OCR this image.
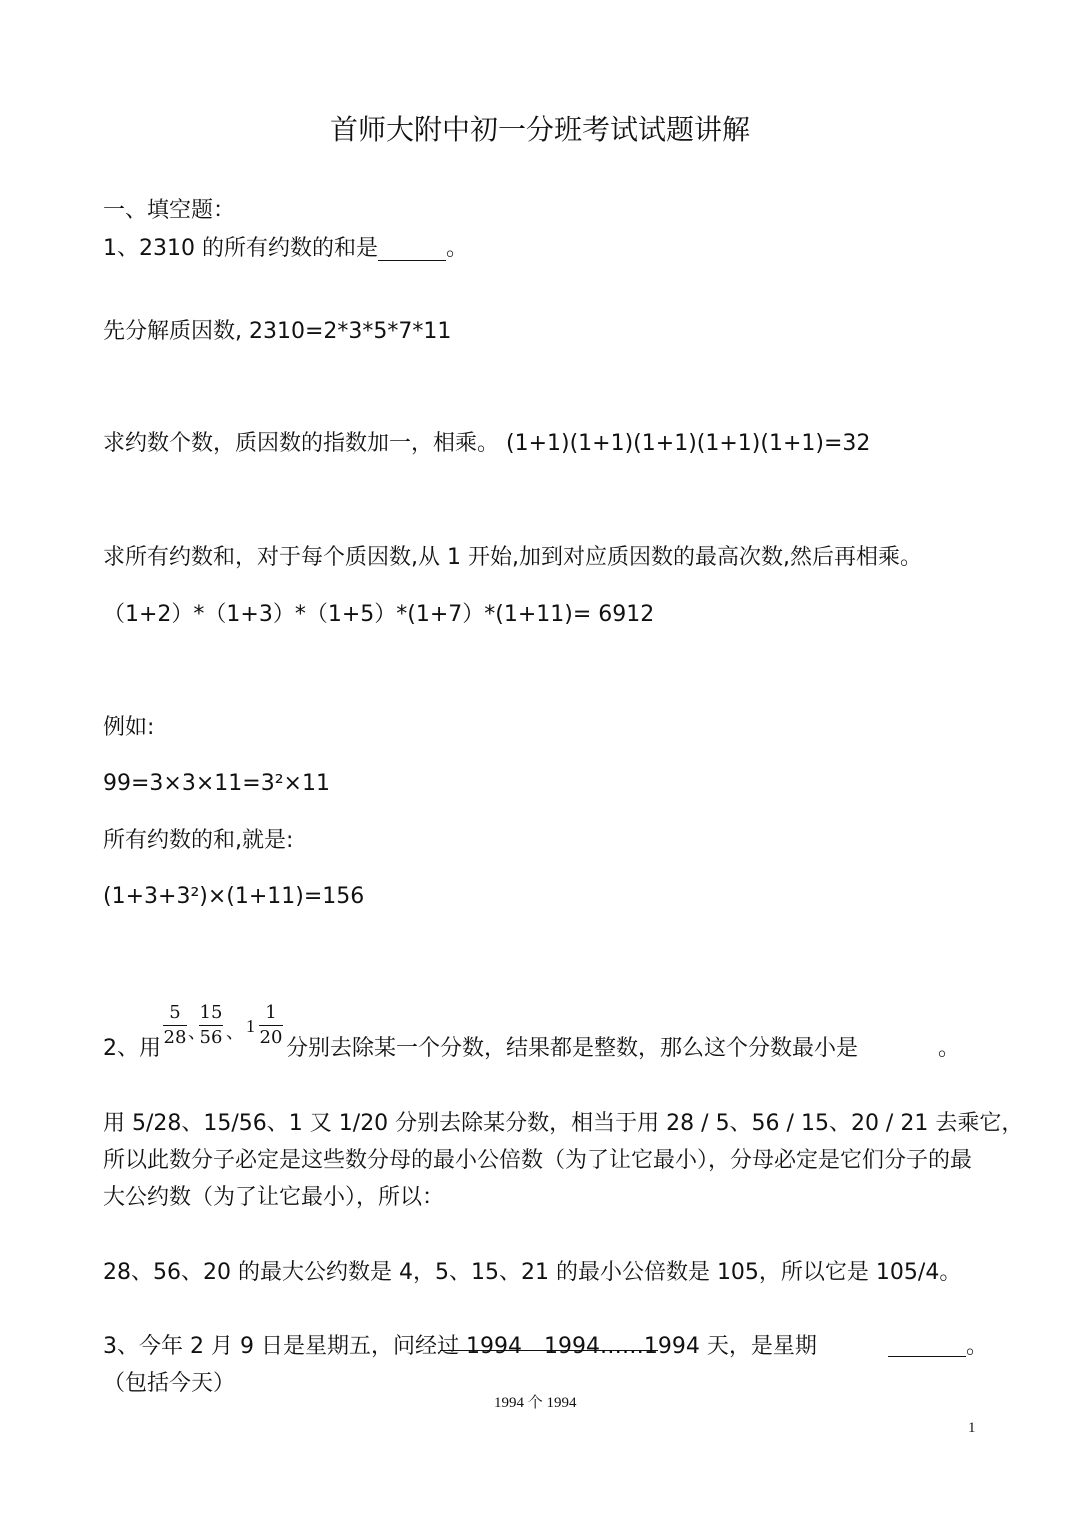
首师大附中初一分班考试试题讲解
一、填空题：
1、2310 的所有约数的和是	。
先分解质因数, 2310=2*3*5*7*11
求约数个数，质因数的指数加一，相乘。 (1+1)(1+1)(1+1)(1+1)(1+1)=32
求所有约数和，对于每个质因数,从 1 开始,加到对应质因数的最高次数,然后再相乘。
（1+2）*（1+3）*（1+5）*(1+7）*(1+11)= 6912
例如:
99=3×3×11=3²×11
所有约数的和,就是:
(1+3+3²)×(1+11)=156
2、用
5
28 、
15
56 、 1
1
20 分别去除某一个分数，结果都是整数，那么这个分数最小是	。
用 5/28、15/56、1 又 1/20 分别去除某分数，相当于用 28 / 5、56 / 15、20 / 21 去乘它，
所以此数分子必定是这些数分母的最小公倍数（为了让它最小），分母必定是它们分子的最
大公约数（为了让它最小），所以：
28、56、20 的最大公约数是 4，5、15、21 的最小公倍数是 105，所以它是 105/4。
3、今年 2 月 9 日是星期五，问经过 1994　1994……1994 天，是星期	。
（包括今天）
1994 个 1994
1
